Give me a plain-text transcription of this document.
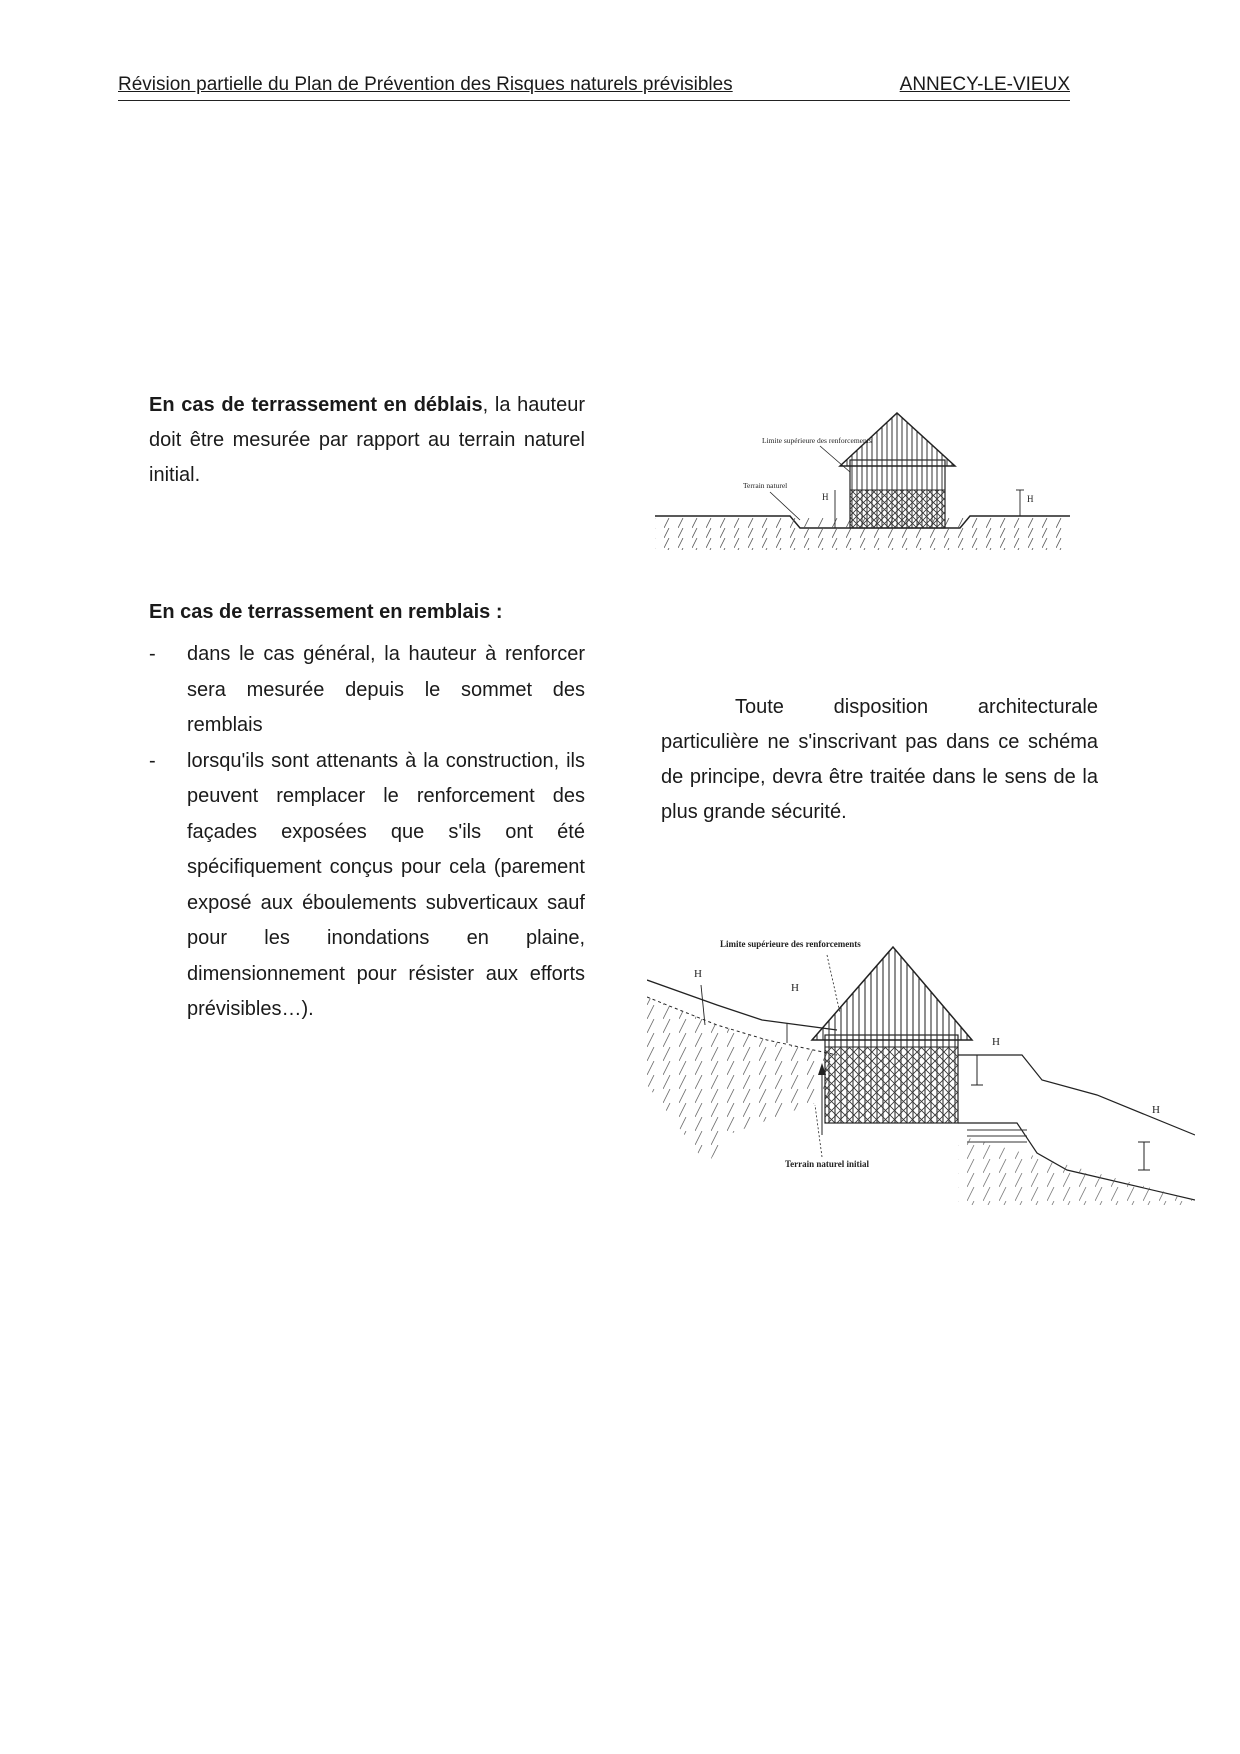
Révision partielle du Plan de Prévention des Risques naturels prévisibles	ANNECY-LE-VIEUX
En cas de terrassement en déblais, la hauteur doit être mesurée par rapport au terrain naturel initial.
Limite supérieure des renforcements
Terrain naturel
H	H
En cas de terrassement en remblais :
- dans le cas général, la hauteur à renforcer sera mesurée depuis le sommet des remblais
- lorsqu'ils sont attenants à la construction, ils peuvent remplacer le renforcement des façades exposées que s'ils ont été spécifiquement conçus pour cela (parement exposé aux éboulements subverticaux sauf pour les inondations en plaine, dimensionnement pour résister aux efforts prévisibles…).
Toute disposition architecturale particulière ne s'inscrivant pas dans ce schéma de principe, devra être traitée dans le sens de la plus grande sécurité.
H
H
H
H
Limite supérieure des renforcements
Terrain naturel initial
